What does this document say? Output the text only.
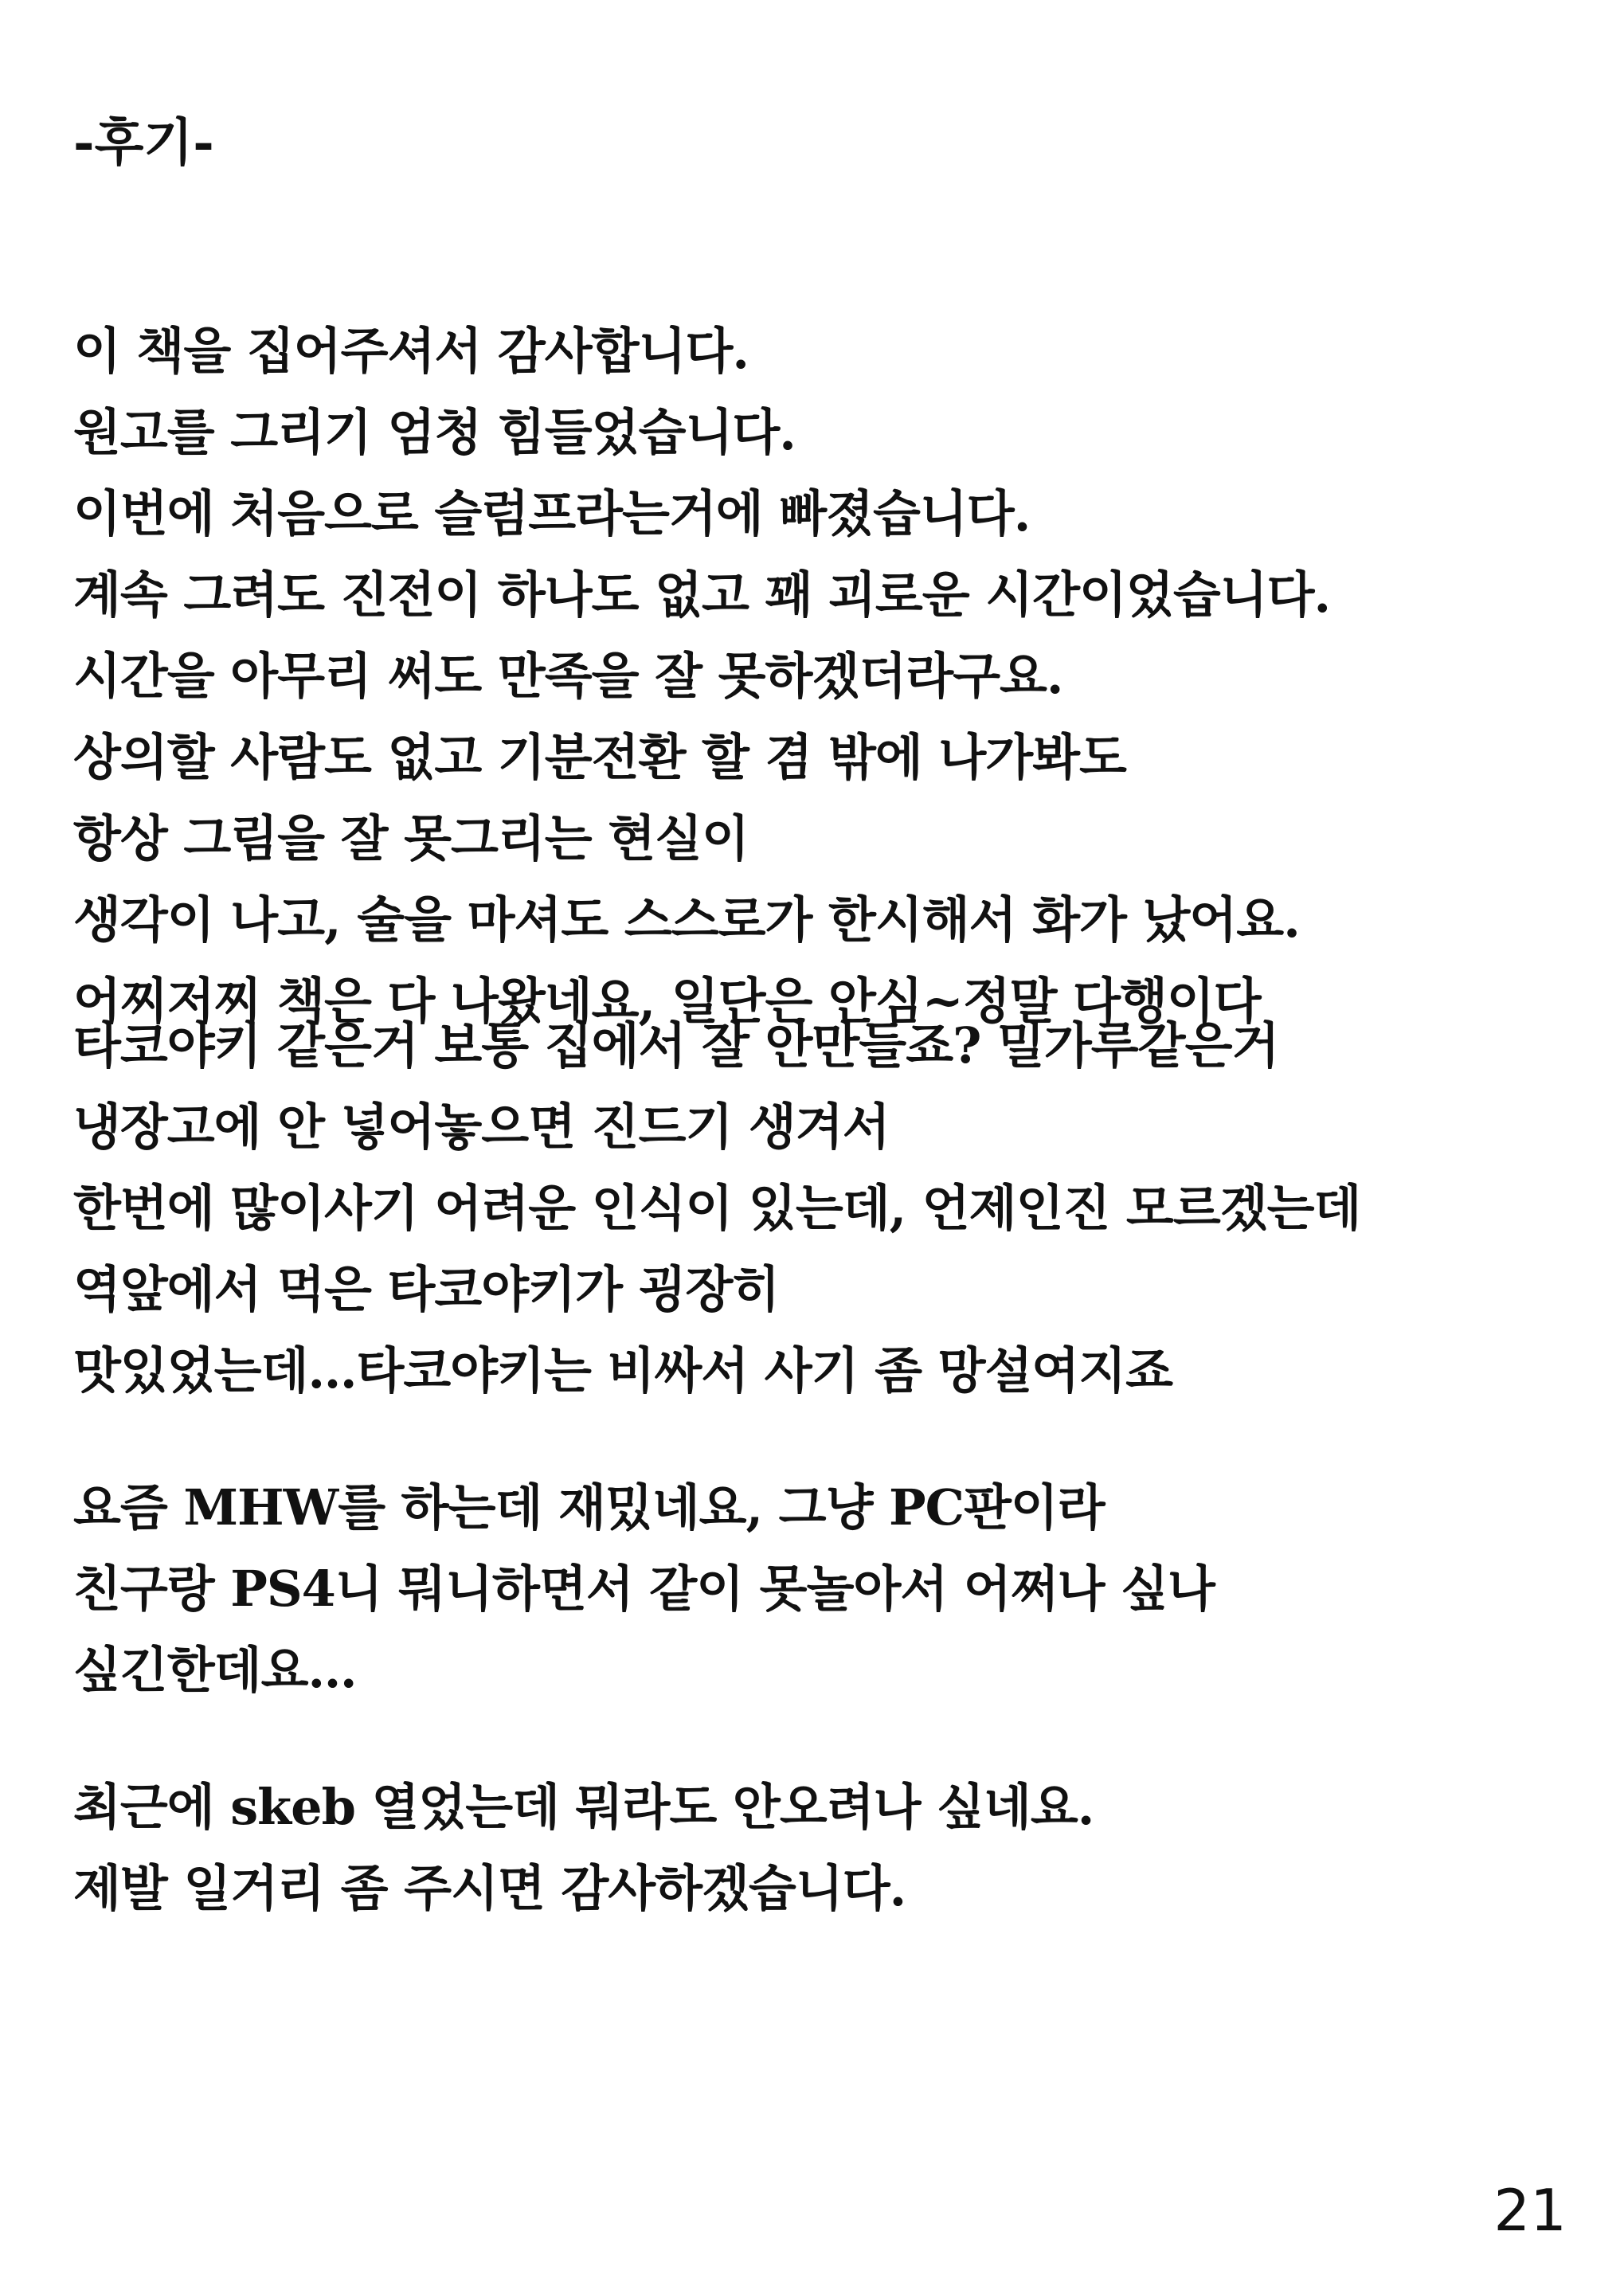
-후기-
이 책을 집어주셔서 감사합니다.
원고를 그리기 엄청 힘들었습니다.
이번에 처음으로 슬럼프라는거에 빠졌습니다.
계속 그려도 진전이 하나도 없고 꽤 괴로운 시간이었습니다.
시간을 아무리 써도 만족을 잘 못하겠더라구요.
상의할 사람도 없고 기분전환 할 겸 밖에 나가봐도
항상 그림을 잘 못그리는 현실이
생각이 나고, 술을 마셔도 스스로가 한시해서 화가 났어요.
어찌저찌 책은 다 나왔네요, 일단은 안심~정말 다행이다
타코야키 같은거 보통 집에서 잘 안만들죠? 밀가루같은거
냉장고에 안 넣어놓으면 진드기 생겨서
한번에 많이사기 어려운 인식이 있는데, 언제인진 모르겠는데
역앞에서 먹은 타코야키가 굉장히
맛있었는데…타코야키는 비싸서 사기 좀 망설여지죠
요즘 MHW를 하는데 재밌네요, 그냥 PC판이라
친구랑 PS4니 뭐니하면서 같이 못놀아서 어쩌나 싶나
싶긴한데요…
최근에 skeb 열었는데 뭐라도 안오려나 싶네요.
제발 일거리 좀 주시면 감사하겠습니다.
21
